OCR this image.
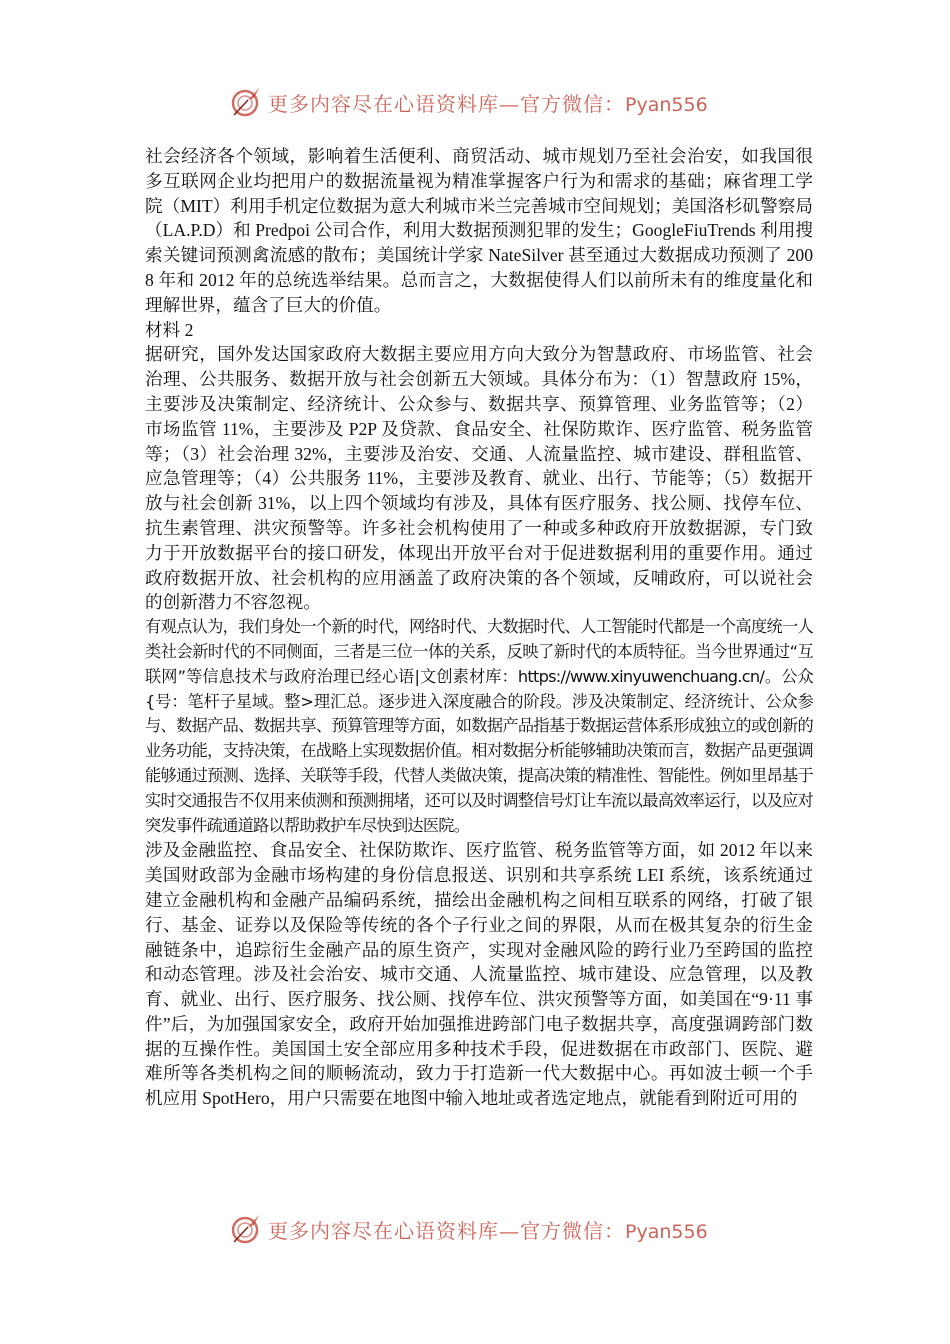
更多内容尽在心语资料库—官方微信：Pyan556

社会经济各个领域，影响着生活便利、商贸活动、城市规划乃至社会治安，如我国很多互联网企业均把用户的数据流量视为精准掌握客户行为和需求的基础；麻省理工学院（MIT）利用手机定位数据为意大利城市米兰完善城市空间规划；美国洛杉矶警察局（LA.P.D）和 Predpoi 公司合作，利用大数据预测犯罪的发生；GoogleFiuTrends 利用搜索关键词预测禽流感的散布；美国统计学家 NateSilver 甚至通过大数据成功预测了 2008 年和 2012 年的总统选举结果。总而言之，大数据使得人们以前所未有的维度量化和理解世界，蕴含了巨大的价值。

材料 2

据研究，国外发达国家政府大数据主要应用方向大致分为智慧政府、市场监管、社会治理、公共服务、数据开放与社会创新五大领域。具体分布为：（1）智慧政府 15%，主要涉及决策制定、经济统计、公众参与、数据共享、预算管理、业务监管等；（2）市场监管 11%，主要涉及 P2P 及贷款、食品安全、社保防欺诈、医疗监管、税务监管等；（3）社会治理 32%，主要涉及治安、交通、人流量监控、城市建设、群租监管、应急管理等；（4）公共服务 11%，主要涉及教育、就业、出行、节能等；（5）数据开放与社会创新 31%，以上四个领域均有涉及，具体有医疗服务、找公厕、找停车位、抗生素管理、洪灾预警等。许多社会机构使用了一种或多种政府开放数据源，专门致力于开放数据平台的接口研发，体现出开放平台对于促进数据利用的重要作用。通过政府数据开放、社会机构的应用涵盖了政府决策的各个领域，反哺政府，可以说社会的创新潜力不容忽视。

有观点认为，我们身处一个新的时代，网络时代、大数据时代、人工智能时代都是一个高度统一人类社会新时代的不同侧面，三者是三位一体的关系，反映了新时代的本质特征。当今世界通过“互联网”等信息技术与政府治理已经心语|文创素材库：https://www.xinyuwenchuang.cn/。公众{号：笔杆子星域。整>理汇总。逐步进入深度融合的阶段。涉及决策制定、经济统计、公众参与、数据产品、数据共享、预算管理等方面，如数据产品指基于数据运营体系形成独立的或创新的业务功能，支持决策，在战略上实现数据价值。相对数据分析能够辅助决策而言，数据产品更强调能够通过预测、选择、关联等手段，代替人类做决策，提高决策的精准性、智能性。例如里昂基于实时交通报告不仅用来侦测和预测拥堵，还可以及时调整信号灯让车流以最高效率运行，以及应对突发事件疏通道路以帮助救护车尽快到达医院。

涉及金融监控、食品安全、社保防欺诈、医疗监管、税务监管等方面，如 2012 年以来美国财政部为金融市场构建的身份信息报送、识别和共享系统 LEI 系统，该系统通过建立金融机构和金融产品编码系统，描绘出金融机构之间相互联系的网络，打破了银行、基金、证券以及保险等传统的各个子行业之间的界限，从而在极其复杂的衍生金融链条中，追踪衍生金融产品的原生资产，实现对金融风险的跨行业乃至跨国的监控和动态管理。涉及社会治安、城市交通、人流量监控、城市建设、应急管理，以及教育、就业、出行、医疗服务、找公厕、找停车位、洪灾预警等方面，如美国在“9·11 事件”后，为加强国家安全，政府开始加强推进跨部门电子数据共享，高度强调跨部门数据的互操作性。美国国土安全部应用多种技术手段，促进数据在市政部门、医院、避难所等各类机构之间的顺畅流动，致力于打造新一代大数据中心。再如波士顿一个手机应用 SpotHero，用户只需要在地图中输入地址或者选定地点，就能看到附近可用的

更多内容尽在心语资料库—官方微信：Pyan556
